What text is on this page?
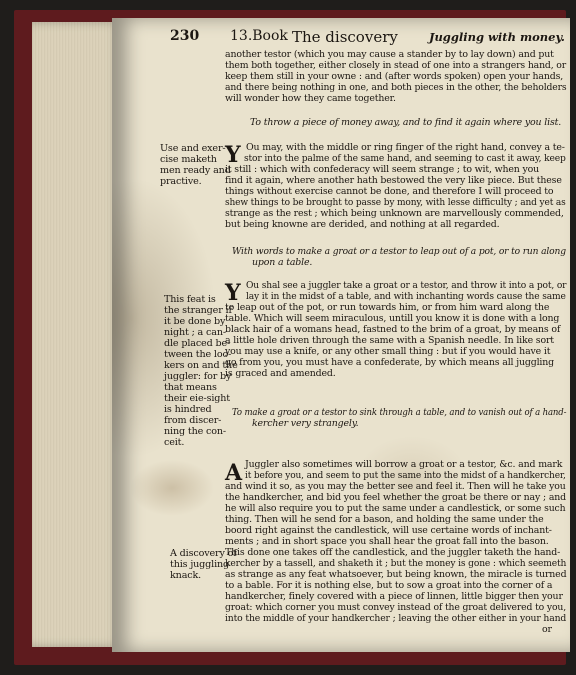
230 13.Book The discovery	Juggling with money.
another testor (which you may cause a stander by to lay down) and put
them both together, either closely in stead of one into a strangers hand, or
keep them still in your owne : and (after words spoken) open your hands,
and there being nothing in one, and both pieces in the other, the beholders
will wonder how they came together.
To throw a piece of money away, and to find it again where you list.
Y Ou may, with the middle or ring finger of the right hand, convey a te-
stor into the palme of the same hand, and seeming to cast it away, keep
it still : which with confederacy will seem strange ; to wit, when you
find it again, where another hath bestowed the very like piece. But these
things without exercise cannot be done, and therefore I will proceed to
shew things to be brought to passe by mony, with lesse difficulty ; and yet as
strange as the rest ; which being unknown are marvellously commended,
but being knowne are derided, and nothing at all regarded.
Use and exer-
cise maketh
men ready and
practive.
With words to make a groat or a testor to leap out of a pot, or to run along
upon a table.
Y Ou shal see a juggler take a groat or a testor, and throw it into a pot, or
lay it in the midst of a table, and with inchanting words cause the same
to leap out of the pot, or run towards him, or from him ward along the
table. Which will seem miraculous, untill you know it is done with a long
black hair of a womans head, fastned to the brim of a groat, by means of
a little hole driven through the same with a Spanish needle. In like sort
you may use a knife, or any other small thing : but if you would have it
go from you, you must have a confederate, by which means all juggling
is graced and amended.
This feat is
the stranger if
it be done by
night ; a can-
dle placed be-
tween the loo-
kers on and the
juggler: for by
that means
their eie-sight
is hindred
from discer-
ning the con-
ceit.
To make a groat or a testor to sink through a table, and to vanish out of a hand-
kercher very strangely.
A Juggler also sometimes will borrow a groat or a testor, &c. and mark
it before you, and seem to put the same into the midst of a handkercher,
and wind it so, as you may the better see and feel it. Then will he take you
the handkercher, and bid you feel whether the groat be there or nay ; and
he will also require you to put the same under a candlestick, or some such
thing. Then will he send for a bason, and holding the same under the
boord right against the candlestick, will use certaine words of inchant-
ments ; and in short space you shall hear the groat fall into the bason.
This done one takes off the candlestick, and the juggler taketh the hand-
kercher by a tassell, and shaketh it ; but the money is gone : which seemeth
as strange as any feat whatsoever, but being known, the miracle is turned
to a bable. For it is nothing else, but to sow a groat into the corner of a
handkercher, finely covered with a piece of linnen, little bigger then your
groat: which corner you must convey instead of the groat delivered to you,
into the middle of your handkercher ; leaving the other either in your hand
or
A discovery of
this juggling
knack.
